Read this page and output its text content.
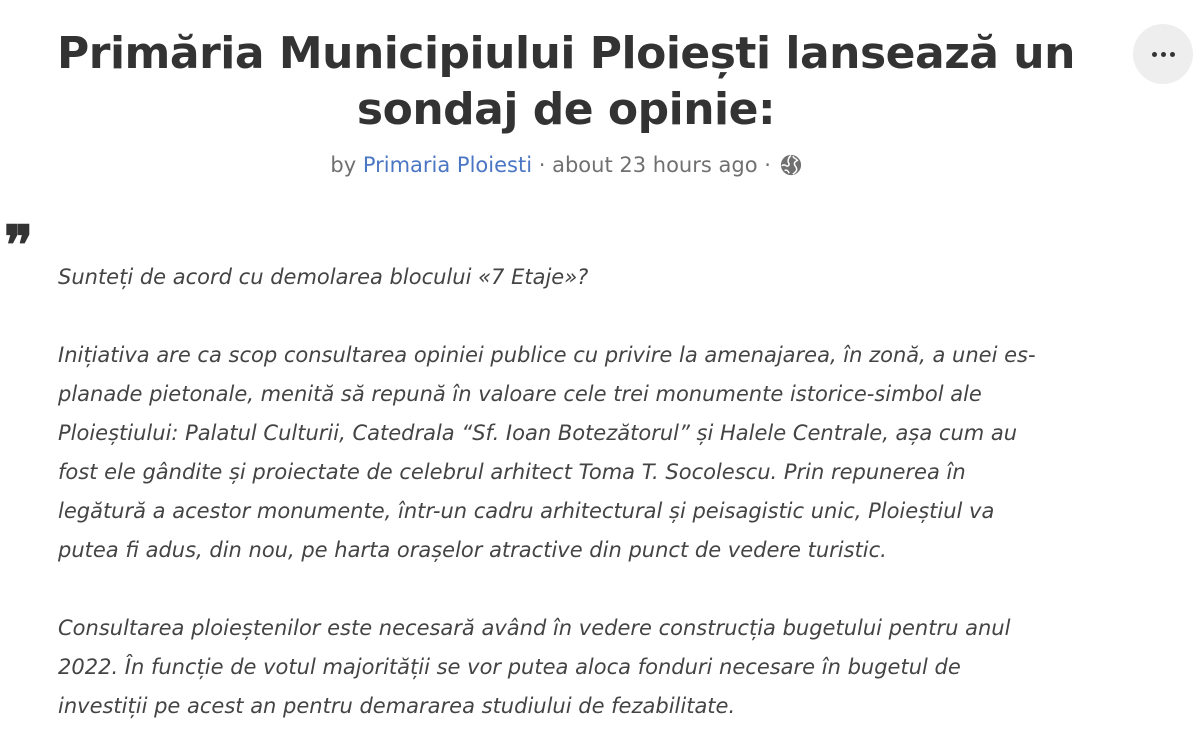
Primăria Municipiului Ploiești lansează un sondaj de opinie:
by Primaria Ploiesti · about 23 hours ago ·
❞ Sunteți de acord cu demolarea blocului «7 Etaje»?

Inițiativa are ca scop consultarea opiniei publice cu privire la amenajarea, în zonă, a unei es-
planade pietonale, menită să repună în valoare cele trei monumente istorice-simbol ale
Ploieștiului: Palatul Culturii, Catedrala “Sf. Ioan Botezătorul” și Halele Centrale, așa cum au
fost ele gândite și proiectate de celebrul arhitect Toma T. Socolescu. Prin repunerea în
legătură a acestor monumente, într-un cadru arhitectural și peisagistic unic, Ploieștiul va
putea fi adus, din nou, pe harta orașelor atractive din punct de vedere turistic.

Consultarea ploieștenilor este necesară având în vedere construcția bugetului pentru anul
2022. În funcție de votul majorității se vor putea aloca fonduri necesare în bugetul de
investiții pe acest an pentru demararea studiului de fezabilitate.
